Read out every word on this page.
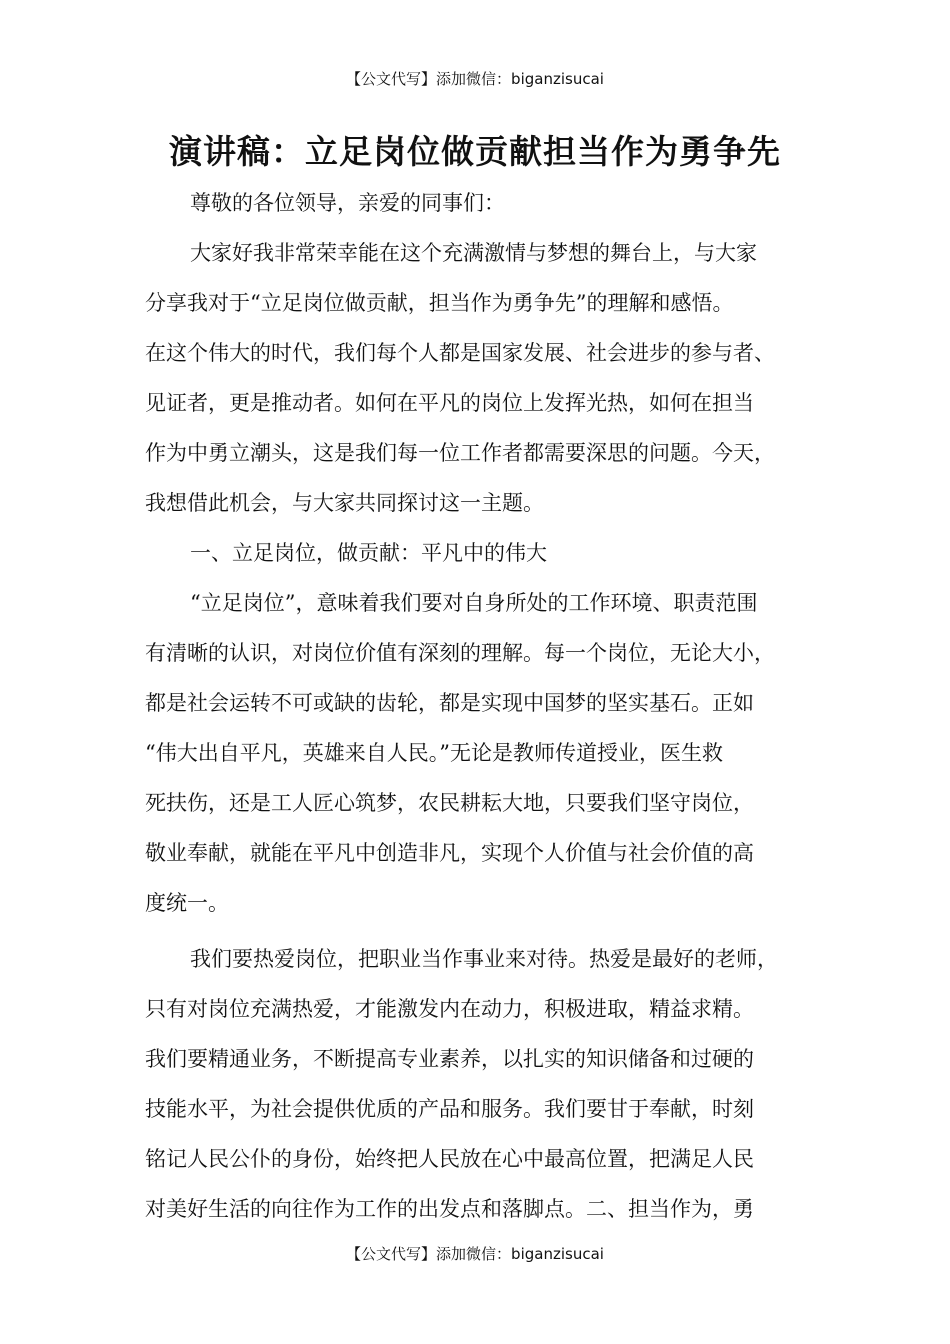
【公文代写】添加微信：biganzisucai
演讲稿：立足岗位做贡献担当作为勇争先
尊敬的各位领导，亲爱的同事们：
大家好我非常荣幸能在这个充满激情与梦想的舞台上，与大家
分享我对于“立足岗位做贡献，担当作为勇争先”的理解和感悟。
在这个伟大的时代，我们每个人都是国家发展、社会进步的参与者、
见证者，更是推动者。如何在平凡的岗位上发挥光热，如何在担当
作为中勇立潮头，这是我们每一位工作者都需要深思的问题。今天，
我想借此机会，与大家共同探讨这一主题。
一、立足岗位，做贡献：平凡中的伟大
“立足岗位”，意味着我们要对自身所处的工作环境、职责范围
有清晰的认识，对岗位价值有深刻的理解。每一个岗位，无论大小，
都是社会运转不可或缺的齿轮，都是实现中国梦的坚实基石。正如
“伟大出自平凡，英雄来自人民。”无论是教师传道授业，医生救
死扶伤，还是工人匠心筑梦，农民耕耘大地，只要我们坚守岗位，
敬业奉献，就能在平凡中创造非凡，实现个人价值与社会价值的高
度统一。
我们要热爱岗位，把职业当作事业来对待。热爱是最好的老师，
只有对岗位充满热爱，才能激发内在动力，积极进取，精益求精。
我们要精通业务，不断提高专业素养，以扎实的知识储备和过硬的
技能水平，为社会提供优质的产品和服务。我们要甘于奉献，时刻
铭记人民公仆的身份，始终把人民放在心中最高位置，把满足人民
对美好生活的向往作为工作的出发点和落脚点。二、担当作为，勇
【公文代写】添加微信：biganzisucai
